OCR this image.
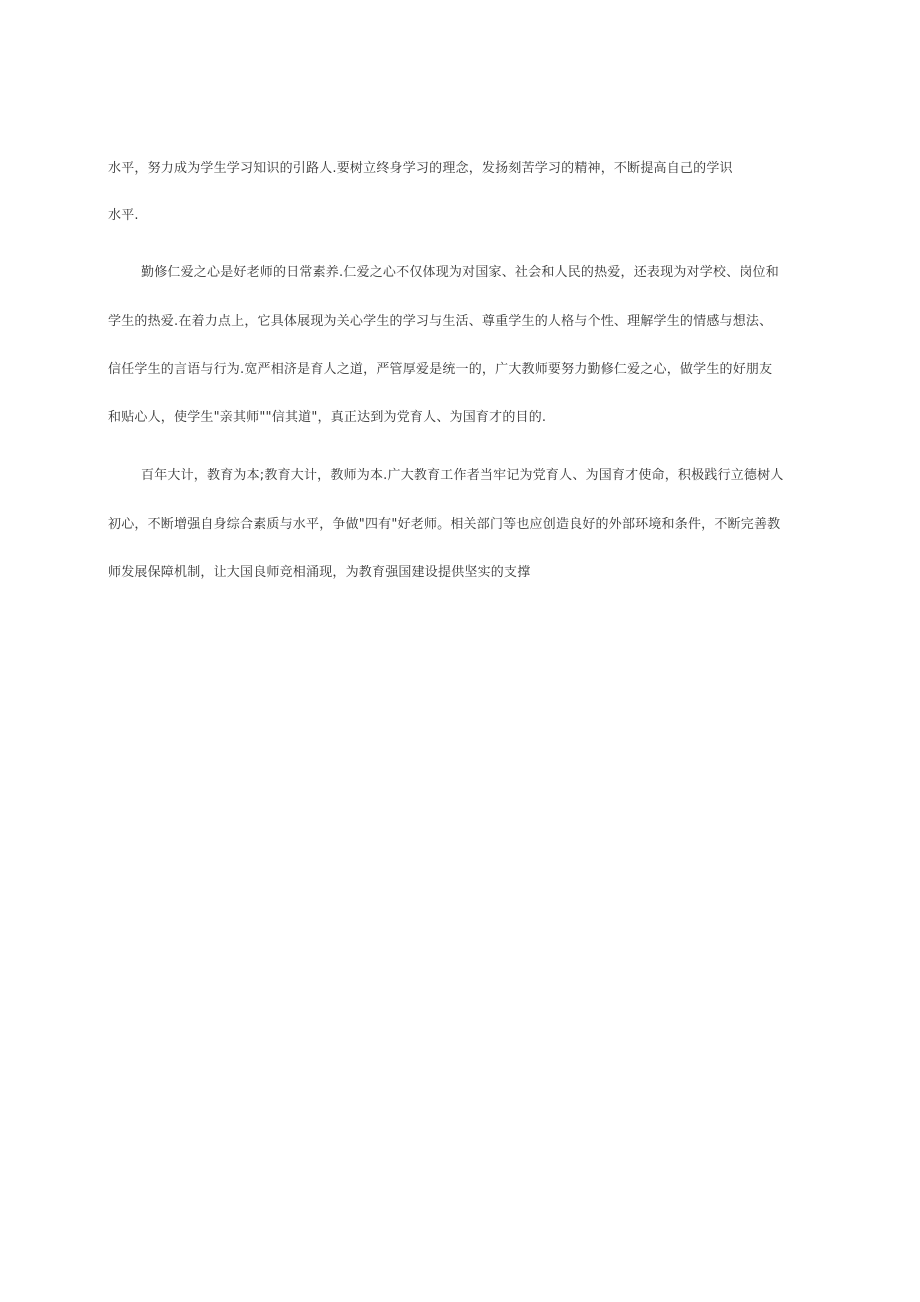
水平，努力成为学生学习知识的引路人.要树立终身学习的理念，发扬刻苦学习的精神，不断提高自己的学识
水平.
勤修仁爱之心是好老师的日常素养.仁爱之心不仅体现为对国家、社会和人民的热爱，还表现为对学校、岗位和
学生的热爱.在着力点上，它具体展现为关心学生的学习与生活、尊重学生的人格与个性、理解学生的情感与想法、
信任学生的言语与行为.宽严相济是育人之道，严管厚爱是统一的，广大教师要努力勤修仁爱之心，做学生的好朋友
和贴心人，使学生"亲其师""信其道"，真正达到为党育人、为国育才的目的.
百年大计，教育为本;教育大计，教师为本.广大教育工作者当牢记为党育人、为国育才使命，积极践行立德树人
初心，不断增强自身综合素质与水平，争做"四有"好老师。相关部门等也应创造良好的外部环境和条件，不断完善教
师发展保障机制，让大国良师竞相涌现，为教育强国建设提供坚实的支撑
